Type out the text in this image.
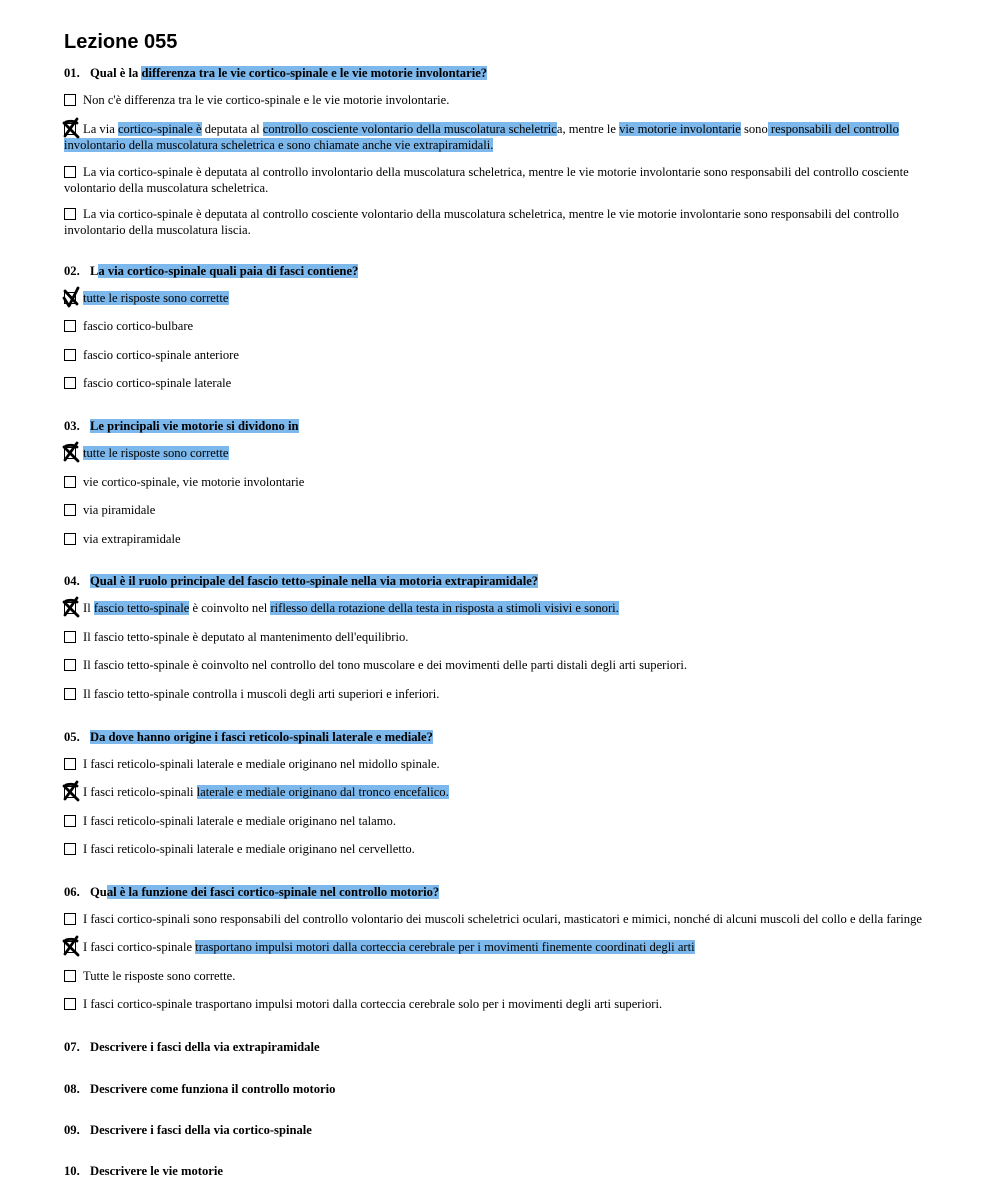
Lezione 055
01. Qual è la differenza tra le vie cortico-spinale e le vie motorie involontarie?
Non c'è differenza tra le vie cortico-spinale e le vie motorie involontarie.
La via cortico-spinale è deputata al controllo cosciente volontario della muscolatura scheletrica, mentre le vie motorie involontarie sono responsabili del controllo involontario della muscolatura scheletrica e sono chiamate anche vie extrapiramidali.
La via cortico-spinale è deputata al controllo involontario della muscolatura scheletrica, mentre le vie motorie involontarie sono responsabili del controllo cosciente volontario della muscolatura scheletrica.
La via cortico-spinale è deputata al controllo cosciente volontario della muscolatura scheletrica, mentre le vie motorie involontarie sono responsabili del controllo involontario della muscolatura liscia.
02. La via cortico-spinale quali paia di fasci contiene?
tutte le risposte sono corrette
fascio cortico-bulbare
fascio cortico-spinale anteriore
fascio cortico-spinale laterale
03. Le principali vie motorie si dividono in
tutte le risposte sono corrette
vie cortico-spinale, vie motorie involontarie
via piramidale
via extrapiramidale
04. Qual è il ruolo principale del fascio tetto-spinale nella via motoria extrapiramidale?
Il fascio tetto-spinale è coinvolto nel riflesso della rotazione della testa in risposta a stimoli visivi e sonori.
Il fascio tetto-spinale è deputato al mantenimento dell'equilibrio.
Il fascio tetto-spinale è coinvolto nel controllo del tono muscolare e dei movimenti delle parti distali degli arti superiori.
Il fascio tetto-spinale controlla i muscoli degli arti superiori e inferiori.
05. Da dove hanno origine i fasci reticolo-spinali laterale e mediale?
I fasci reticolo-spinali laterale e mediale originano nel midollo spinale.
I fasci reticolo-spinali laterale e mediale originano dal tronco encefalico.
I fasci reticolo-spinali laterale e mediale originano nel talamo.
I fasci reticolo-spinali laterale e mediale originano nel cervelletto.
06. Qual è la funzione dei fasci cortico-spinale nel controllo motorio?
I fasci cortico-spinali sono responsabili del controllo volontario dei muscoli scheletrici oculari, masticatori e mimici, nonché di alcuni muscoli del collo e della faringe
I fasci cortico-spinale trasportano impulsi motori dalla corteccia cerebrale per i movimenti finemente coordinati degli arti
Tutte le risposte sono corrette.
I fasci cortico-spinale trasportano impulsi motori dalla corteccia cerebrale solo per i movimenti degli arti superiori.
07. Descrivere i fasci della via extrapiramidale
08. Descrivere come funziona il controllo motorio
09. Descrivere i fasci della via cortico-spinale
10. Descrivere le vie motorie
